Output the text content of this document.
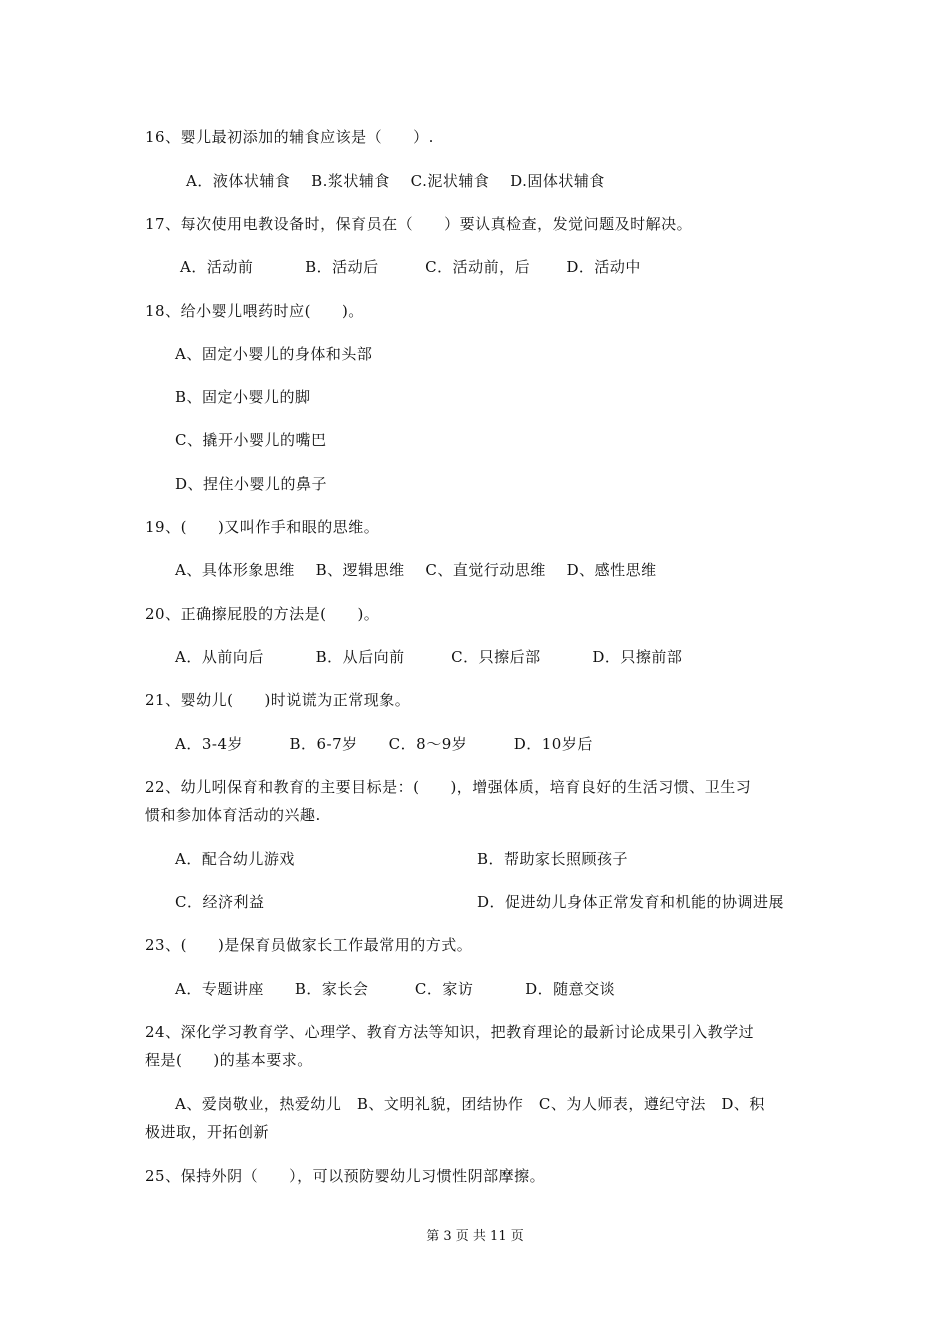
16、婴儿最初添加的辅食应该是（　　）.
A．液体状辅食　 B.浆状辅食　 C.泥状辅食　 D.固体状辅食
17、每次使用电教设备时，保育员在（　　）要认真检查，发觉问题及时解决。
A．活动前　　　 B．活动后　　　C．活动前，后　　 D．活动中
18、给小婴儿喂药时应(　　)。
A、固定小婴儿的身体和头部
B、固定小婴儿的脚
C、撬开小婴儿的嘴巴
D、捏住小婴儿的鼻子
19、(　　)又叫作手和眼的思维。
A、具体形象思维　 B、逻辑思维　 C、直觉行动思维　 D、感性思维
20、正确擦屁股的方法是(　　)。
A．从前向后　　　 B．从后向前　　　C．只擦后部　　　 D．只擦前部
21、婴幼儿(　　)时说谎为正常现象。
A．3-4岁　　　B．6-7岁　　C．8～9岁　　　D．10岁后
22、幼儿吲保育和教育的主要目标是：(　　)，增强体质，培育良好的生活习惯、卫生习
惯和参加体育活动的兴趣.
A．配合幼儿游戏	B．帮助家长照顾孩子
C．经济利益	D．促进幼儿身体正常发育和机能的协调进展
23、(　　)是保育员做家长工作最常用的方式。
A．专题讲座　　B．家长会　　　C．家访　　　 D．随意交谈
24、深化学习教育学、心理学、教育方法等知识，把教育理论的最新讨论成果引入教学过
程是(　　)的基本要求。
A、爱岗敬业，热爱幼儿　B、文明礼貌，团结协作　C、为人师表，遵纪守法　D、积
极进取，开拓创新
25、保持外阴（　　），可以预防婴幼儿习惯性阴部摩擦。
第 3 页 共 11 页
